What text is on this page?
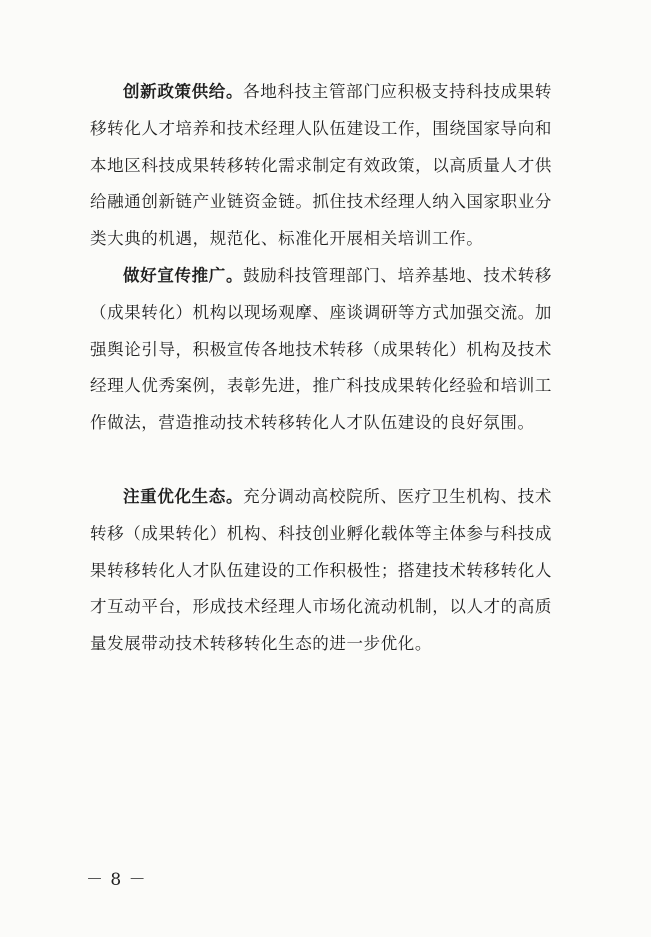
创新政策供给。各地科技主管部门应积极支持科技成果转移转化人才培养和技术经理人队伍建设工作，围绕国家导向和本地区科技成果转移转化需求制定有效政策，以高质量人才供给融通创新链产业链资金链。抓住技术经理人纳入国家职业分类大典的机遇，规范化、标准化开展相关培训工作。

做好宣传推广。鼓励科技管理部门、培养基地、技术转移（成果转化）机构以现场观摩、座谈调研等方式加强交流。加强舆论引导，积极宣传各地技术转移（成果转化）机构及技术经理人优秀案例，表彰先进，推广科技成果转化经验和培训工作做法，营造推动技术转移转化人才队伍建设的良好氛围。

注重优化生态。充分调动高校院所、医疗卫生机构、技术转移（成果转化）机构、科技创业孵化载体等主体参与科技成果转移转化人才队伍建设的工作积极性；搭建技术转移转化人才互动平台，形成技术经理人市场化流动机制，以人才的高质量发展带动技术转移转化生态的进一步优化。

－ 8 －
